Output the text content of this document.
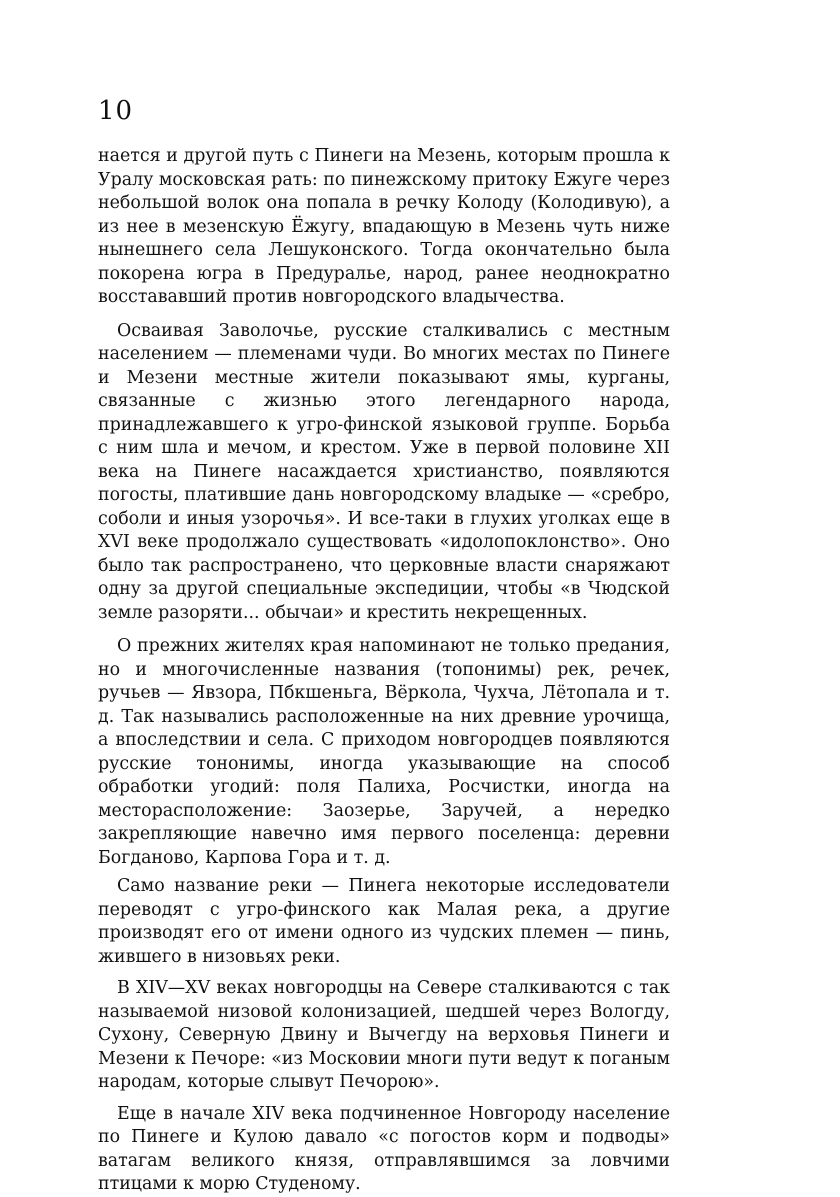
10

нается и другой путь с Пинеги на Мезень, которым прошла к Уралу московская рать: по пинежскому притоку Ежуге через небольшой волок она попала в речку Колоду (Колодивую), а из нее в мезенскую Ёжугу, впадающую в Мезень чуть ниже нынешнего села Лешуконского. Тогда окончательно была покорена югра в Предуралье, народ, ранее неоднократно восстававший против новгородского владычества.

Осваивая Заволочье, русские сталкивались с местным населением — племенами чуди. Во многих местах по Пинеге и Мезени местные жители показывают ямы, курганы, связанные с жизнью этого легендарного народа, принадлежавшего к угро-финской языковой группе. Борьба с ним шла и мечом, и крестом. Уже в первой половине XII века на Пинеге насаждается христианство, появляются погосты, платившие дань новгородскому владыке — «сребро, соболи и иныя узорочья». И все-таки в глухих уголках еще в XVI веке продолжало существовать «идолопоклонство». Оно было так распространено, что церковные власти снаряжают одну за другой специальные экспедиции, чтобы «в Чюдской земле разоряти... обычаи» и крестить некрещенных.

О прежних жителях края напоминают не только предания, но и многочисленные названия (топонимы) рек, речек, ручьев — Явзора, Пбкшеньга, Вёркола, Чухча, Лётопала и т. д. Так назывались расположенные на них древние урочища, а впоследствии и села. С приходом новгородцев появляются русские тононимы, иногда указывающие на способ обработки угодий: поля Палиха, Росчистки, иногда на месторасположение: Заозерье, Заручей, а нередко закрепляющие навечно имя первого поселенца: деревни Богданово, Карпова Гора и т. д.

Само название реки — Пинега некоторые исследователи переводят с угро-финского как Малая река, а другие производят его от имени одного из чудских племен — пинь, жившего в низовьях реки.

В XIV—XV веках новгородцы на Севере сталкиваются с так называемой низовой колонизацией, шедшей через Вологду, Сухону, Северную Двину и Вычегду на верховья Пинеги и Мезени к Печоре: «из Московии многи пути ведут к поганым народам, которые слывут Печорою».

Еще в начале XIV века подчиненное Новгороду население по Пинеге и Кулою давало «с погостов корм и подводы» ватагам великого князя, отправлявшимся за ловчими птицами к морю Студеному.
